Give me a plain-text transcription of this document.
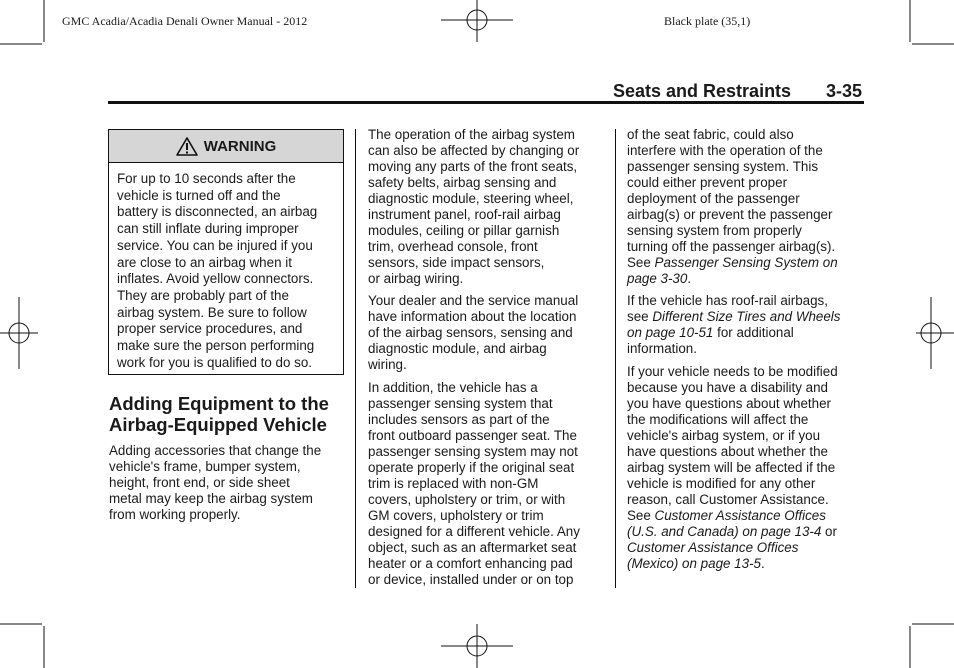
GMC Acadia/Acadia Denali Owner Manual - 2012	Black plate (35,1)
Seats and Restraints 3-35
WARNING
For up to 10 seconds after the
vehicle is turned off and the
battery is disconnected, an airbag
can still inflate during improper
service. You can be injured if you
are close to an airbag when it
inflates. Avoid yellow connectors.
They are probably part of the
airbag system. Be sure to follow
proper service procedures, and
make sure the person performing
work for you is qualified to do so.
Adding Equipment to the
Airbag-Equipped Vehicle
Adding accessories that change the
vehicle's frame, bumper system,
height, front end, or side sheet
metal may keep the airbag system
from working properly.
The operation of the airbag system
can also be affected by changing or
moving any parts of the front seats,
safety belts, airbag sensing and
diagnostic module, steering wheel,
instrument panel, roof-rail airbag
modules, ceiling or pillar garnish
trim, overhead console, front
sensors, side impact sensors,
or airbag wiring.
Your dealer and the service manual
have information about the location
of the airbag sensors, sensing and
diagnostic module, and airbag
wiring.
In addition, the vehicle has a
passenger sensing system that
includes sensors as part of the
front outboard passenger seat. The
passenger sensing system may not
operate properly if the original seat
trim is replaced with non-GM
covers, upholstery or trim, or with
GM covers, upholstery or trim
designed for a different vehicle. Any
object, such as an aftermarket seat
heater or a comfort enhancing pad
or device, installed under or on top
of the seat fabric, could also
interfere with the operation of the
passenger sensing system. This
could either prevent proper
deployment of the passenger
airbag(s) or prevent the passenger
sensing system from properly
turning off the passenger airbag(s).
See Passenger Sensing System on
page 3-30.
If the vehicle has roof-rail airbags,
see Different Size Tires and Wheels
on page 10-51 for additional
information.
If your vehicle needs to be modified
because you have a disability and
you have questions about whether
the modifications will affect the
vehicle's airbag system, or if you
have questions about whether the
airbag system will be affected if the
vehicle is modified for any other
reason, call Customer Assistance.
See Customer Assistance Offices
(U.S. and Canada) on page 13-4 or
Customer Assistance Offices
(Mexico) on page 13-5.
